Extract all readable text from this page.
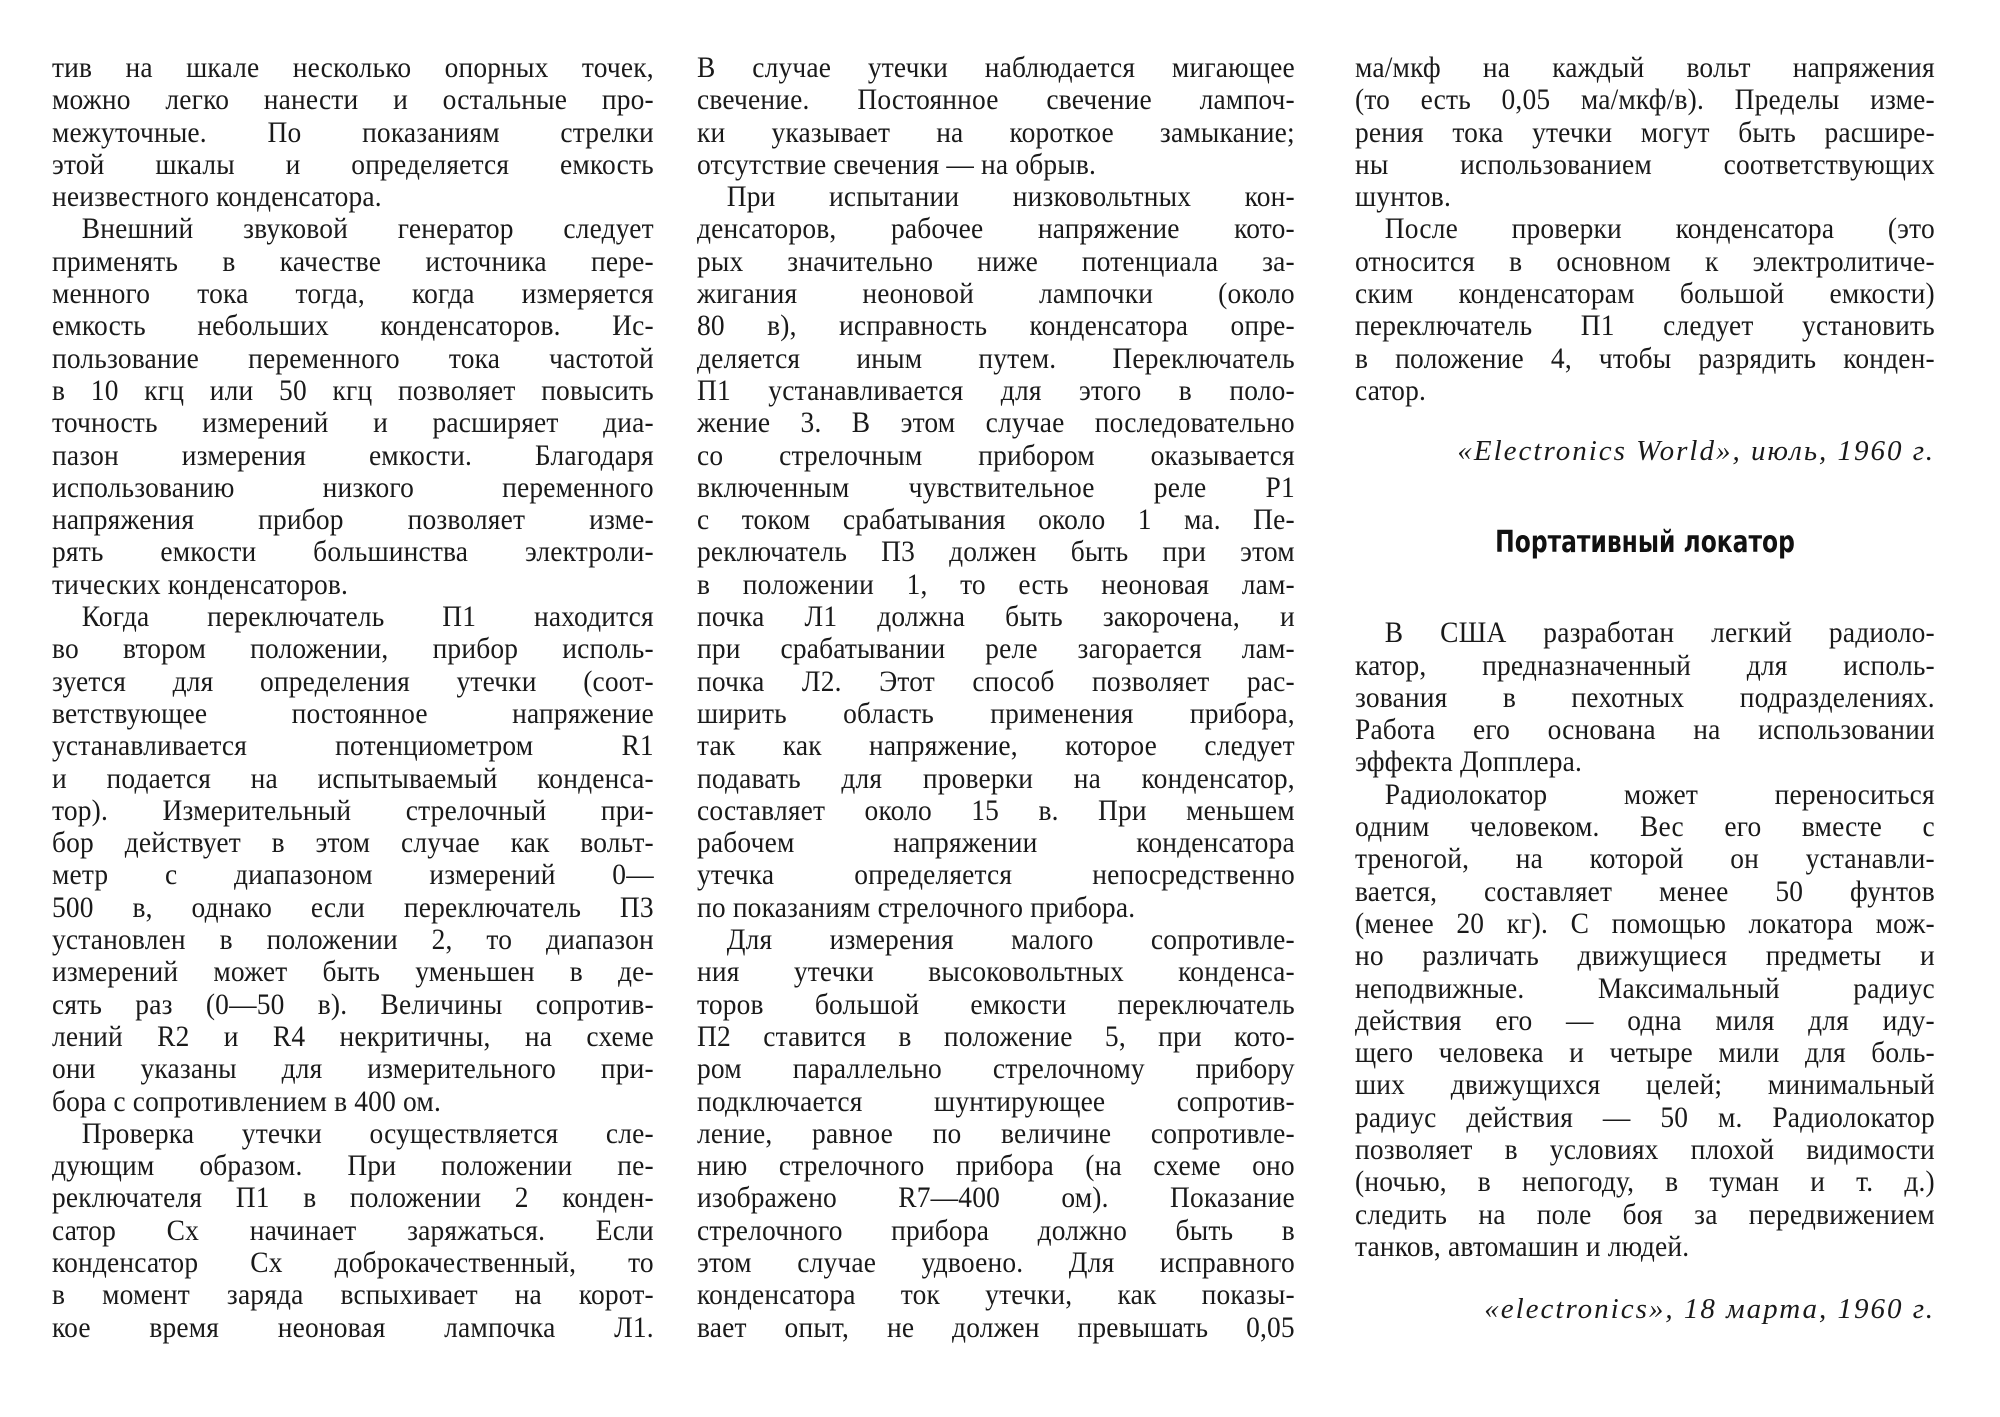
тив на шкале несколько опорных точек,
можно легко нанести и остальные про-
межуточные. По показаниям стрелки
этой шкалы и определяется емкость
неизвестного конденсатора.
Внешний звуковой генератор следует
применять в качестве источника пере-
менного тока тогда, когда измеряется
емкость небольших конденсаторов. Ис-
пользование переменного тока частотой
в 10 кгц или 50 кгц позволяет повысить
точность измерений и расширяет диа-
пазон измерения емкости. Благодаря
использованию низкого переменного
напряжения прибор позволяет изме-
рять емкости большинства электроли-
тических конденсаторов.
Когда переключатель П1 находится
во втором положении, прибор исполь-
зуется для определения утечки (соот-
ветствующее постоянное напряжение
устанавливается потенциометром R1
и подается на испытываемый конденса-
тор). Измерительный стрелочный при-
бор действует в этом случае как вольт-
метр с диапазоном измерений 0—
500 в, однако если переключатель П3
установлен в положении 2, то диапазон
измерений может быть уменьшен в де-
сять раз (0—50 в). Величины сопротив-
лений R2 и R4 некритичны, на схеме
они указаны для измерительного при-
бора с сопротивлением в 400 ом.
Проверка утечки осуществляется сле-
дующим образом. При положении пе-
реключателя П1 в положении 2 конден-
сатор Cx начинает заряжаться. Если
конденсатор Cx доброкачественный, то
в момент заряда вспыхивает на корот-
кое время неоновая лампочка Л1.
В случае утечки наблюдается мигающее
свечение. Постоянное свечение лампоч-
ки указывает на короткое замыкание;
отсутствие свечения — на обрыв.
При испытании низковольтных кон-
денсаторов, рабочее напряжение кото-
рых значительно ниже потенциала за-
жигания неоновой лампочки (около
80 в), исправность конденсатора опре-
деляется иным путем. Переключатель
П1 устанавливается для этого в поло-
жение 3. В этом случае последовательно
со стрелочным прибором оказывается
включенным чувствительное реле P1
с током срабатывания около 1 ма. Пе-
реключатель П3 должен быть при этом
в положении 1, то есть неоновая лам-
почка Л1 должна быть закорочена, и
при срабатывании реле загорается лам-
почка Л2. Этот способ позволяет рас-
ширить область применения прибора,
так как напряжение, которое следует
подавать для проверки на конденсатор,
составляет около 15 в. При меньшем
рабочем напряжении конденсатора
утечка определяется непосредственно
по показаниям стрелочного прибора.
Для измерения малого сопротивле-
ния утечки высоковольтных конденса-
торов большой емкости переключатель
П2 ставится в положение 5, при кото-
ром параллельно стрелочному прибору
подключается шунтирующее сопротив-
ление, равное по величине сопротивле-
нию стрелочного прибора (на схеме оно
изображено R7—400 ом). Показание
стрелочного прибора должно быть в
этом случае удвоено. Для исправного
конденсатора ток утечки, как показы-
вает опыт, не должен превышать 0,05
ма/мкф на каждый вольт напряжения
(то есть 0,05 ма/мкф/в). Пределы изме-
рения тока утечки могут быть расшире-
ны использованием соответствующих
шунтов.
После проверки конденсатора (это
относится в основном к электролитиче-
ским конденсаторам большой емкости)
переключатель П1 следует установить
в положение 4, чтобы разрядить конден-
сатор.
«Electronics World», июль, 1960 г.
Портативный локатор
В США разработан легкий радиоло-
катор, предназначенный для исполь-
зования в пехотных подразделениях.
Работа его основана на использовании
эффекта Допплера.
Радиолокатор может переноситься
одним человеком. Вес его вместе с
треногой, на которой он устанавли-
вается, составляет менее 50 фунтов
(менее 20 кг). С помощью локатора мож-
но различать движущиеся предметы и
неподвижные. Максимальный радиус
действия его — одна миля для иду-
щего человека и четыре мили для боль-
ших движущихся целей; минимальный
радиус действия — 50 м. Радиолокатор
позволяет в условиях плохой видимости
(ночью, в непогоду, в туман и т. д.)
следить на поле боя за передвижением
танков, автомашин и людей.
«electronics», 18 марта, 1960 г.
